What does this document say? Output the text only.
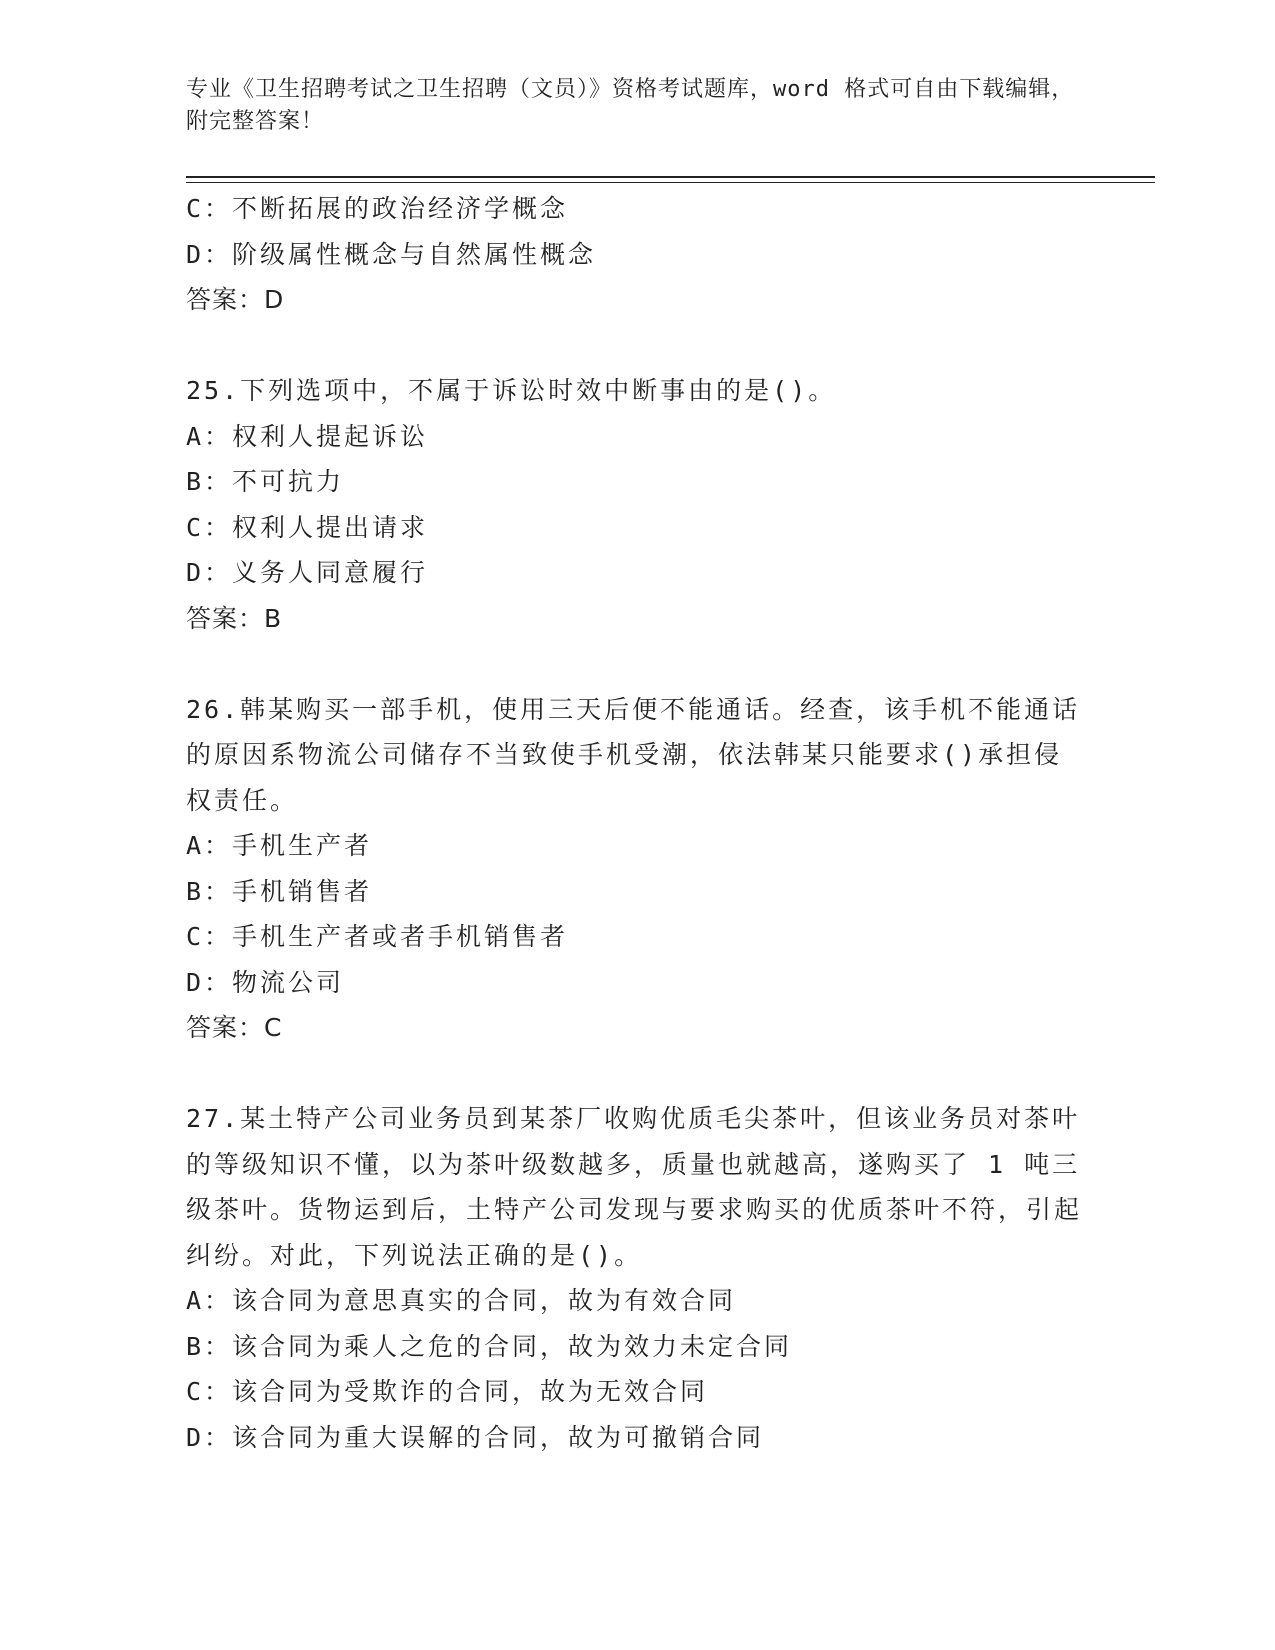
专业《卫生招聘考试之卫生招聘（文员）》资格考试题库，word 格式可自由下载编辑，附完整答案！
C：不断拓展的政治经济学概念
D：阶级属性概念与自然属性概念
答案：D
25.下列选项中，不属于诉讼时效中断事由的是()。
A：权利人提起诉讼
B：不可抗力
C：权利人提出请求
D：义务人同意履行
答案：B
26.韩某购买一部手机，使用三天后便不能通话。经查，该手机不能通话的原因系物流公司储存不当致使手机受潮，依法韩某只能要求()承担侵权责任。
A：手机生产者
B：手机销售者
C：手机生产者或者手机销售者
D：物流公司
答案：C
27.某土特产公司业务员到某茶厂收购优质毛尖茶叶，但该业务员对茶叶的等级知识不懂，以为茶叶级数越多，质量也就越高，遂购买了 1 吨三级茶叶。货物运到后，土特产公司发现与要求购买的优质茶叶不符，引起纠纷。对此，下列说法正确的是()。
A：该合同为意思真实的合同，故为有效合同
B：该合同为乘人之危的合同，故为效力未定合同
C：该合同为受欺诈的合同，故为无效合同
D：该合同为重大误解的合同，故为可撤销合同
